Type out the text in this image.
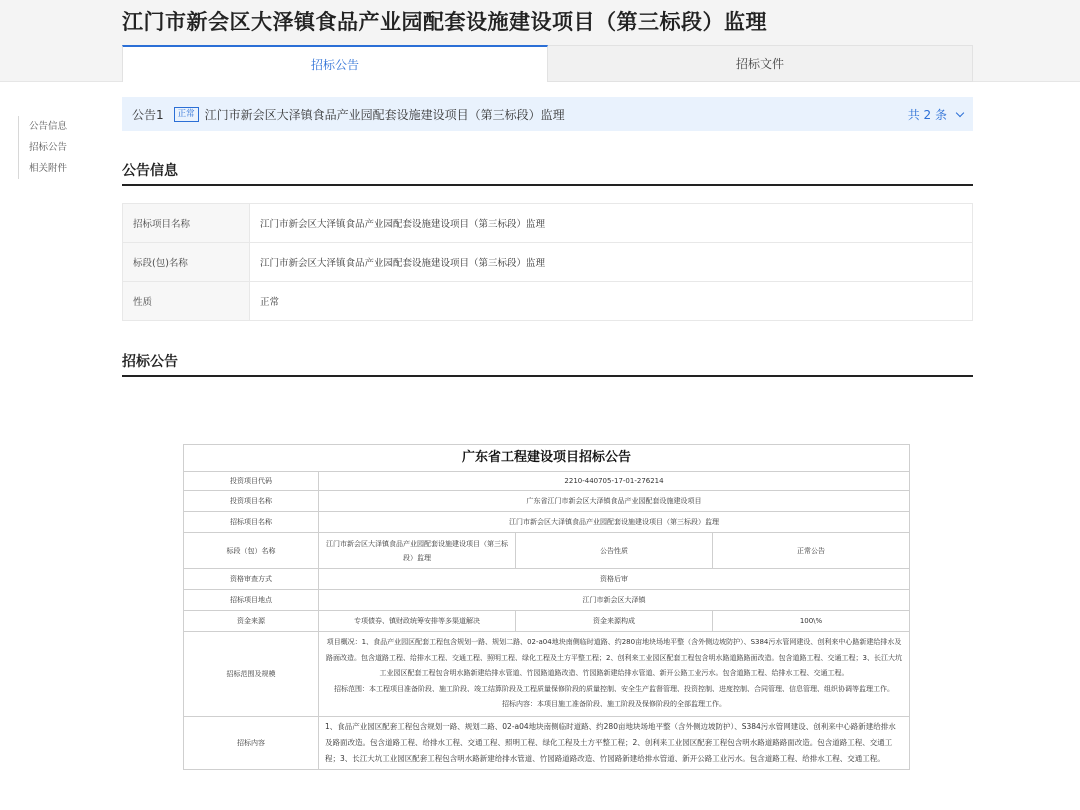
江门市新会区大泽镇食品产业园配套设施建设项目（第三标段）监理
招标公告	招标文件
公告信息
招标公告
相关附件
公告1	正常 江门市新会区大泽镇食品产业园配套设施建设项目（第三标段）监理	共 2 条
公告信息
招标项目名称	江门市新会区大泽镇食品产业园配套设施建设项目（第三标段）监理
标段(包)名称	江门市新会区大泽镇食品产业园配套设施建设项目（第三标段）监理
性质	正常
招标公告
广东省工程建设项目招标公告
投资项目代码	2210-440705-17-01-276214		
投资项目名称	广东省江门市新会区大泽镇食品产业园配套设施建设项目		
招标项目名称	江门市新会区大泽镇食品产业园配套设施建设项目（第三标段）监理		
标段（包）名称	江门市新会区大泽镇食品产业园配套设施建设项目（第三标段）监理	公告性质	正常公告
资格审查方式	资格后审		
招标项目地点	江门市新会区大泽镇		
资金来源	专项债券、镇财政统筹安排等多渠道解决	资金来源构成	100\%
招标范围及规模	项目概况：1、食品产业园区配套工程包含规划一路、规划二路、02-a04地块南侧临时道路、约280亩地块场地平整（含外侧边坡防护）、S384污水管网建设、创利来中心路新建给排水及路面改造。包含道路工程、给排水工程、交通工程、照明工程、绿化工程及土方平整工程；2、创利来工业园区配套工程包含明水路道路路面改造。包含道路工程、交通工程；3、长江大坑工业园区配套工程包含明水路新建给排水管道、竹园路道路改造、竹园路新建给排水管道、新开公路工业污水。包含道路工程、给排水工程、交通工程。
招标范围：本工程项目准备阶段、施工阶段、竣工结算阶段及工程质量保修阶段的质量控制、安全生产监督管理、投资控制、进度控制、合同管理、信息管理、组织协调等监理工作。
招标内容：本项目施工准备阶段、施工阶段及保修阶段的全部监理工作。		

招标内容	1、食品产业园区配套工程包含规划一路、规划二路、02-a04地块南侧临时道路、约280亩地块场地平整（含外侧边坡防护）、S384污水管网建设、创利来中心路新建给排水及路面改造。包含道路工程、给排水工程、交通工程、照明工程、绿化工程及土方平整工程；2、创利来工业园区配套工程包含明水路道路路面改造。包含道路工程、交通工程；3、长江大坑工业园区配套工程包含明水路新建给排水管道、竹园路道路改造、竹园路新建给排水管道、新开公路工业污水。包含道路工程、给排水工程、交通工程。		
